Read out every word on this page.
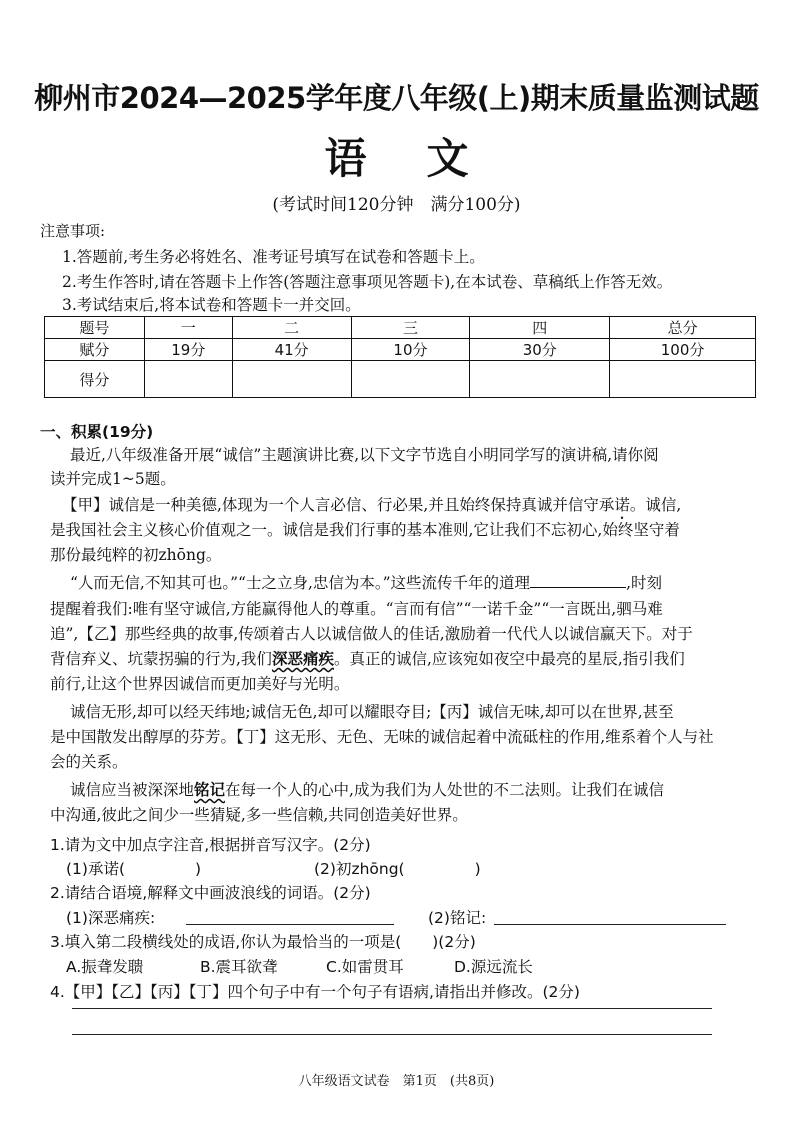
柳州市2024—2025学年度八年级(上)期末质量监测试题
语文
(考试时间120分钟　满分100分)
注意事项:
1.答题前,考生务必将姓名、准考证号填写在试卷和答题卡上。
2.考生作答时,请在答题卡上作答(答题注意事项见答题卡),在本试卷、草稿纸上作答无效。
3.考试结束后,将本试卷和答题卡一并交回。
题号	一	二	三	四	总分
赋分	19分	41分	10分	30分	100分
得分					
一、积累(19分)
最近,八年级准备开展“诚信”主题演讲比赛,以下文字节选自小明同学写的演讲稿,请你阅
读并完成1~5题。
【甲】诚信是一种美德,体现为一个人言必信、行必果,并且始终保持真诚并信守承诺。诚信,
是我国社会主义核心价值观之一。诚信是我们行事的基本准则,它让我们不忘初心,始终坚守着
那份最纯粹的初zhōng。
“人而无信,不知其可也。”“士之立身,忠信为本。”这些流传千年的道理	,时刻
提醒着我们:唯有坚守诚信,方能赢得他人的尊重。“言而有信”“一诺千金”“一言既出,驷马难
追”,【乙】那些经典的故事,传颂着古人以诚信做人的佳话,激励着一代代人以诚信赢天下。对于
背信弃义、坑蒙拐骗的行为,我们深恶痛疾。真正的诚信,应该宛如夜空中最亮的星辰,指引我们
前行,让这个世界因诚信而更加美好与光明。
诚信无形,却可以经天纬地;诚信无色,却可以耀眼夺目;【丙】诚信无味,却可以在世界,甚至
是中国散发出醇厚的芬芳。【丁】这无形、无色、无味的诚信起着中流砥柱的作用,维系着个人与社
会的关系。
诚信应当被深深地铭记在每一个人的心中,成为我们为人处世的不二法则。让我们在诚信
中沟通,彼此之间少一些猜疑,多一些信赖,共同创造美好世界。
1.请为文中加点字注音,根据拼音写汉字。(2分)
(1)承诺(	)	(2)初zhōng(	)
2.请结合语境,解释文中画波浪线的词语。(2分)
(1)深恶痛疾:	(2)铭记:
3.填入第二段横线处的成语,你认为最恰当的一项是(　　)(2分)
A.振聋发聩	B.震耳欲聋	C.如雷贯耳	D.源远流长
4.【甲】【乙】【丙】【丁】四个句子中有一个句子有语病,请指出并修改。(2分)
八年级语文试卷　第1页　(共8页)
